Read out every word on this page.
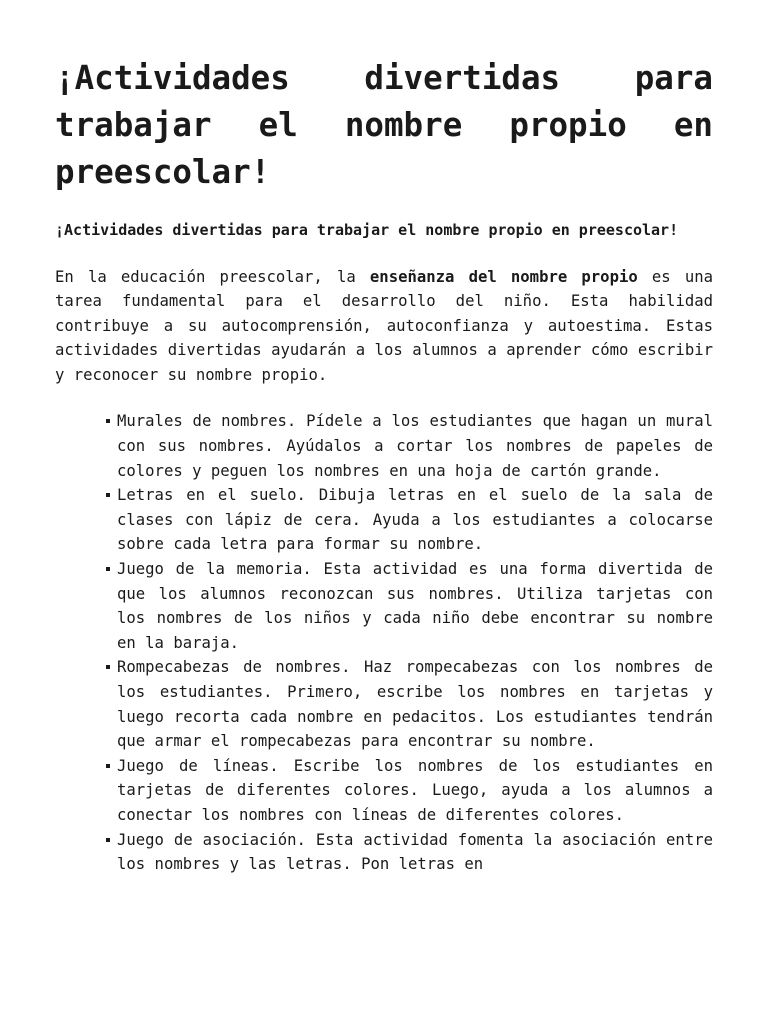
¡Actividades divertidas para trabajar el nombre propio en preescolar!

¡Actividades divertidas para trabajar el nombre propio en preescolar!

En la educación preescolar, la enseñanza del nombre propio es una tarea fundamental para el desarrollo del niño. Esta habilidad contribuye a su autocomprensión, autoconfianza y autoestima. Estas actividades divertidas ayudarán a los alumnos a aprender cómo escribir y reconocer su nombre propio.

Murales de nombres. Pídele a los estudiantes que hagan un mural con sus nombres. Ayúdalos a cortar los nombres de papeles de colores y peguen los nombres en una hoja de cartón grande.
Letras en el suelo. Dibuja letras en el suelo de la sala de clases con lápiz de cera. Ayuda a los estudiantes a colocarse sobre cada letra para formar su nombre.
Juego de la memoria. Esta actividad es una forma divertida de que los alumnos reconozcan sus nombres. Utiliza tarjetas con los nombres de los niños y cada niño debe encontrar su nombre en la baraja.
Rompecabezas de nombres. Haz rompecabezas con los nombres de los estudiantes. Primero, escribe los nombres en tarjetas y luego recorta cada nombre en pedacitos. Los estudiantes tendrán que armar el rompecabezas para encontrar su nombre.
Juego de líneas. Escribe los nombres de los estudiantes en tarjetas de diferentes colores. Luego, ayuda a los alumnos a conectar los nombres con líneas de diferentes colores.
Juego de asociación. Esta actividad fomenta la asociación entre los nombres y las letras. Pon letras en
